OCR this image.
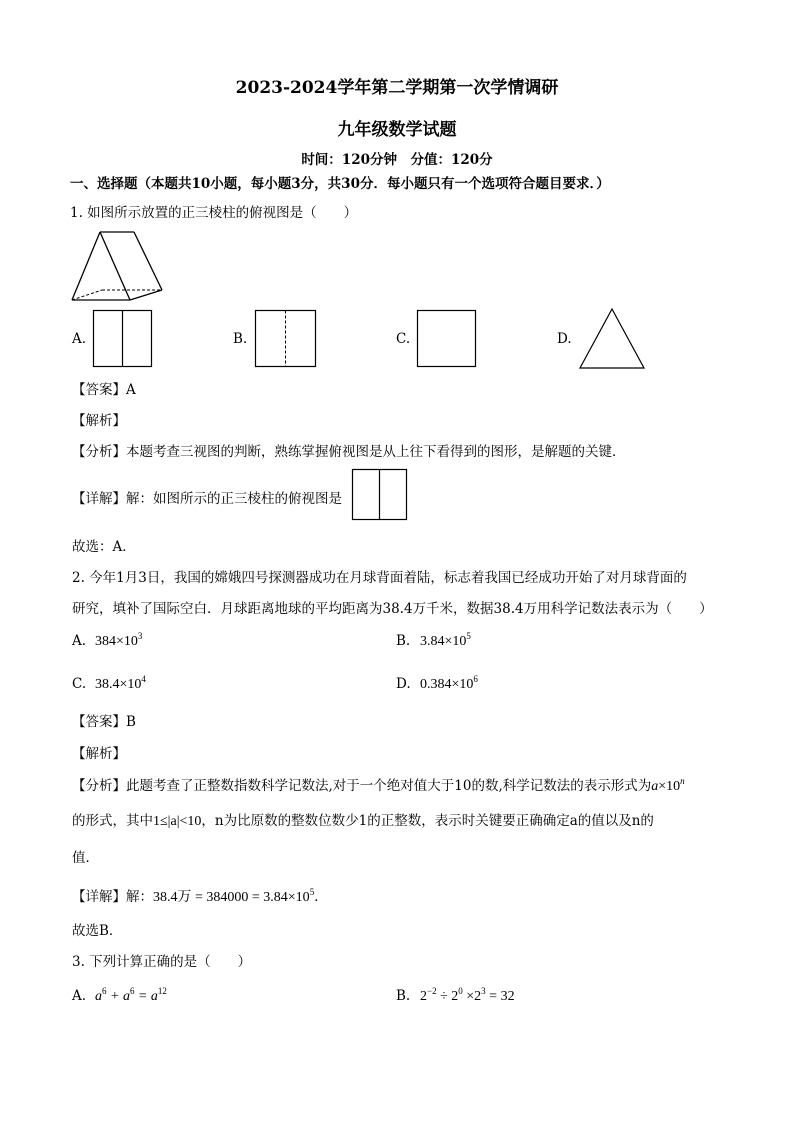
2023-2024学年第二学期第一次学情调研
九年级数学试题
时间：120分钟　分值：120分
一、选择题（本题共10小题，每小题3分，共30分．每小题只有一个选项符合题目要求．）
1. 如图所示放置的正三棱柱的俯视图是（　　）
A.	B.	C.	D.
【答案】A
【解析】
【分析】本题考查三视图的判断，熟练掌握俯视图是从上往下看得到的图形，是解题的关键．
【详解】解：如图所示的正三棱柱的俯视图是
故选：A．
2. 今年1月3日，我国的嫦娥四号探测器成功在月球背面着陆，标志着我国已经成功开始了对月球背面的
研究，填补了国际空白．月球距离地球的平均距离为38.4万千米，数据38.4万用科学记数法表示为（　　）
A. $384\times 10^3$	B. $3.84\times 10^5$
C. $38.4\times 10^4$	D. $0.384\times 10^6$
【答案】B
【解析】
【分析】此题考查了正整数指数科学记数法,对于一个绝对值大于10的数,科学记数法的表示形式为$a\times 10^n$
的形式，其中1≤|a|<10，n为比原数的整数位数少1的正整数，表示时关键要正确确定a的值以及n的
值．
【详解】解：38.4万 = $384000 = 3.84\times 10^5$．
故选B．
3. 下列计算正确的是（　　）
A. $a^6 + a^6 = a^{12}$	B. $2^{-2} \div 2^0 \times 2^3 = 32$
